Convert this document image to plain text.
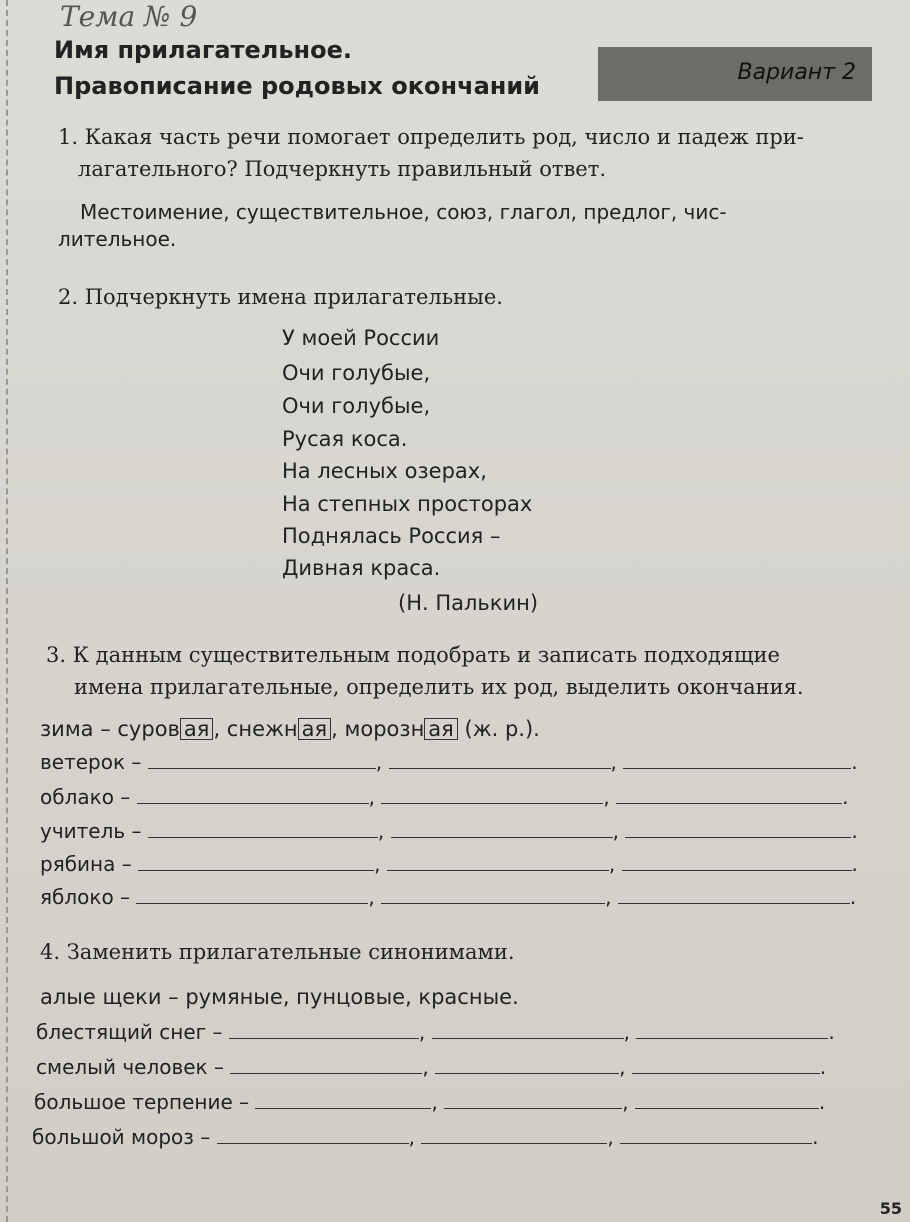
Тема № 9
Имя прилагательное.
Правописание родовых окончаний	Вариант 2
1. Какая часть речи помогает определить род, число и падеж при-
лагательного? Подчеркнуть правильный ответ.
Местоимение, существительное, союз, глагол, предлог, чис-
лительное.
2. Подчеркнуть имена прилагательные.
У моей России
Очи голубые,
Очи голубые,
Русая коса.
На лесных озерах,
На степных просторах
Поднялась Россия –
Дивная краса.
(Н. Палькин)
3. К данным существительным подобрать и записать подходящие
имена прилагательные, определить их род, выделить окончания.
зима – суров ая , снежн ая , морозн ая (ж. р.).
ветерок –	,	,	.
облако –	,	,	.
учитель –	,	,	.
рябина –	,	,	.
яблоко –	,	,	.
4. Заменить прилагательные синонимами.
алые щеки – румяные, пунцовые, красные.
блестящий снег –	,	,	.
смелый человек –	,	,	.
большое терпение –	,	,	.
большой мороз –	,	,	.
55
